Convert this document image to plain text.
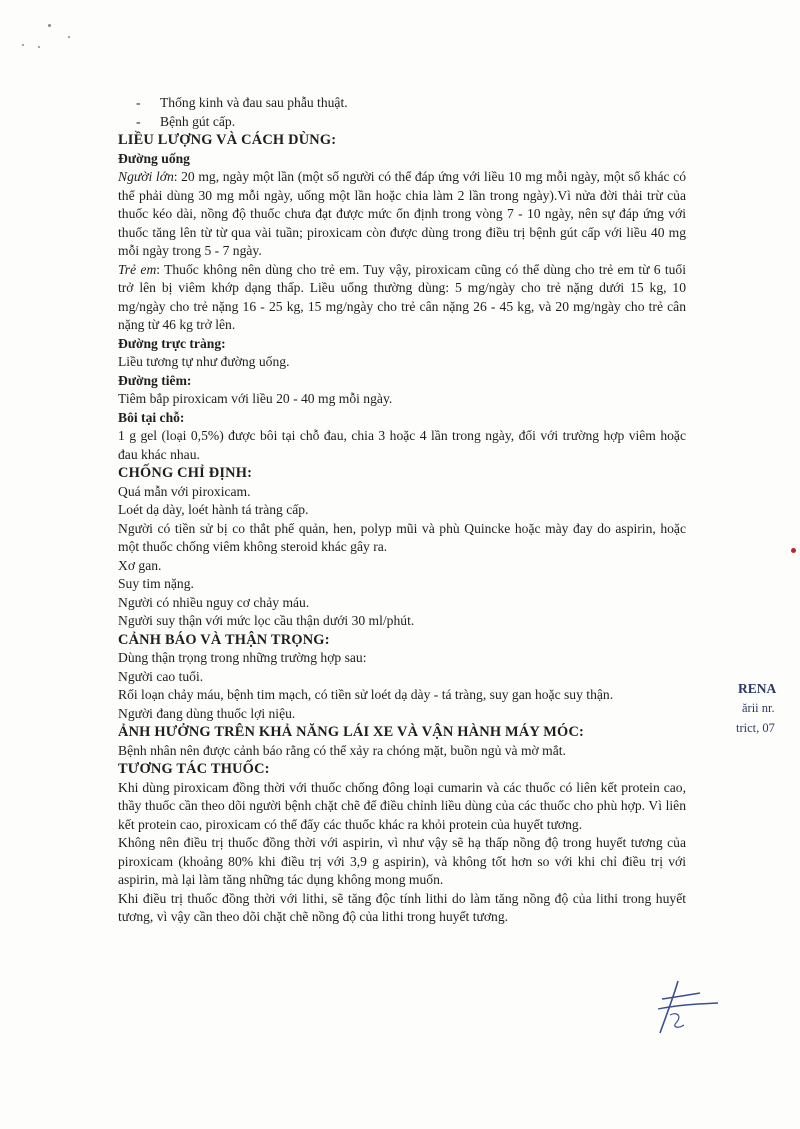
-	Thống kinh và đau sau phẫu thuật.
-	Bệnh gút cấp.

LIỀU LƯỢNG VÀ CÁCH DÙNG:

Đường uống

Người lớn: 20 mg, ngày một lần (một số người có thể đáp ứng với liều 10 mg mỗi ngày, một số khác có thể phải dùng 30 mg mỗi ngày, uống một lần hoặc chia làm 2 lần trong ngày).Vì nửa đời thải trừ của thuốc kéo dài, nồng độ thuốc chưa đạt được mức ổn định trong vòng 7 - 10 ngày, nên sự đáp ứng với thuốc tăng lên từ từ qua vài tuần; piroxicam còn được dùng trong điều trị bệnh gút cấp với liều 40 mg mỗi ngày trong 5 - 7 ngày.

Trẻ em: Thuốc không nên dùng cho trẻ em. Tuy vậy, piroxicam cũng có thể dùng cho trẻ em từ 6 tuổi trở lên bị viêm khớp dạng thấp. Liều uống thường dùng: 5 mg/ngày cho trẻ nặng dưới 15 kg, 10 mg/ngày cho trẻ nặng 16 - 25 kg, 15 mg/ngày cho trẻ cân nặng 26 - 45 kg, và 20 mg/ngày cho trẻ cân nặng từ 46 kg trở lên.

Đường trực tràng:

Liều tương tự như đường uống.

Đường tiêm:

Tiêm bắp piroxicam với liều 20 - 40 mg mỗi ngày.

Bôi tại chỗ:

1 g gel (loại 0,5%) được bôi tại chỗ đau, chia 3 hoặc 4 lần trong ngày, đối với trường hợp viêm hoặc đau khác nhau.

CHỐNG CHỈ ĐỊNH:

Quá mẫn với piroxicam.

Loét dạ dày, loét hành tá tràng cấp.

Người có tiền sử bị co thắt phế quản, hen, polyp mũi và phù Quincke hoặc mày đay do aspirin, hoặc một thuốc chống viêm không steroid khác gây ra.

Xơ gan.

Suy tim nặng.

Người có nhiều nguy cơ chảy máu.

Người suy thận với mức lọc cầu thận dưới 30 ml/phút.

CẢNH BÁO VÀ THẬN TRỌNG:

Dùng thận trọng trong những trường hợp sau:

Người cao tuổi.

Rối loạn chảy máu, bệnh tim mạch, có tiền sử loét dạ dày - tá tràng, suy gan hoặc suy thận.

Người đang dùng thuốc lợi niệu.

ẢNH HƯỞNG TRÊN KHẢ NĂNG LÁI XE VÀ VẬN HÀNH MÁY MÓC:

Bệnh nhân nên được cảnh báo rằng có thể xảy ra chóng mặt, buồn ngủ và mờ mắt.

TƯƠNG TÁC THUỐC:

Khi dùng piroxicam đồng thời với thuốc chống đông loại cumarin và các thuốc có liên kết protein cao, thầy thuốc cần theo dõi người bệnh chặt chẽ để điều chỉnh liều dùng của các thuốc cho phù hợp. Vì liên kết protein cao, piroxicam có thể đẩy các thuốc khác ra khỏi protein của huyết tương.

Không nên điều trị thuốc đồng thời với aspirin, vì như vậy sẽ hạ thấp nồng độ trong huyết tương của piroxicam (khoảng 80% khi điều trị với 3,9 g aspirin), và không tốt hơn so với khi chỉ điều trị với aspirin, mà lại làm tăng những tác dụng không mong muốn.

Khi điều trị thuốc đồng thời với lithi, sẽ tăng độc tính lithi do làm tăng nồng độ của lithi trong huyết tương, vì vậy cần theo dõi chặt chẽ nồng độ của lithi trong huyết tương.

RENA
ării nr.
trict, 07
